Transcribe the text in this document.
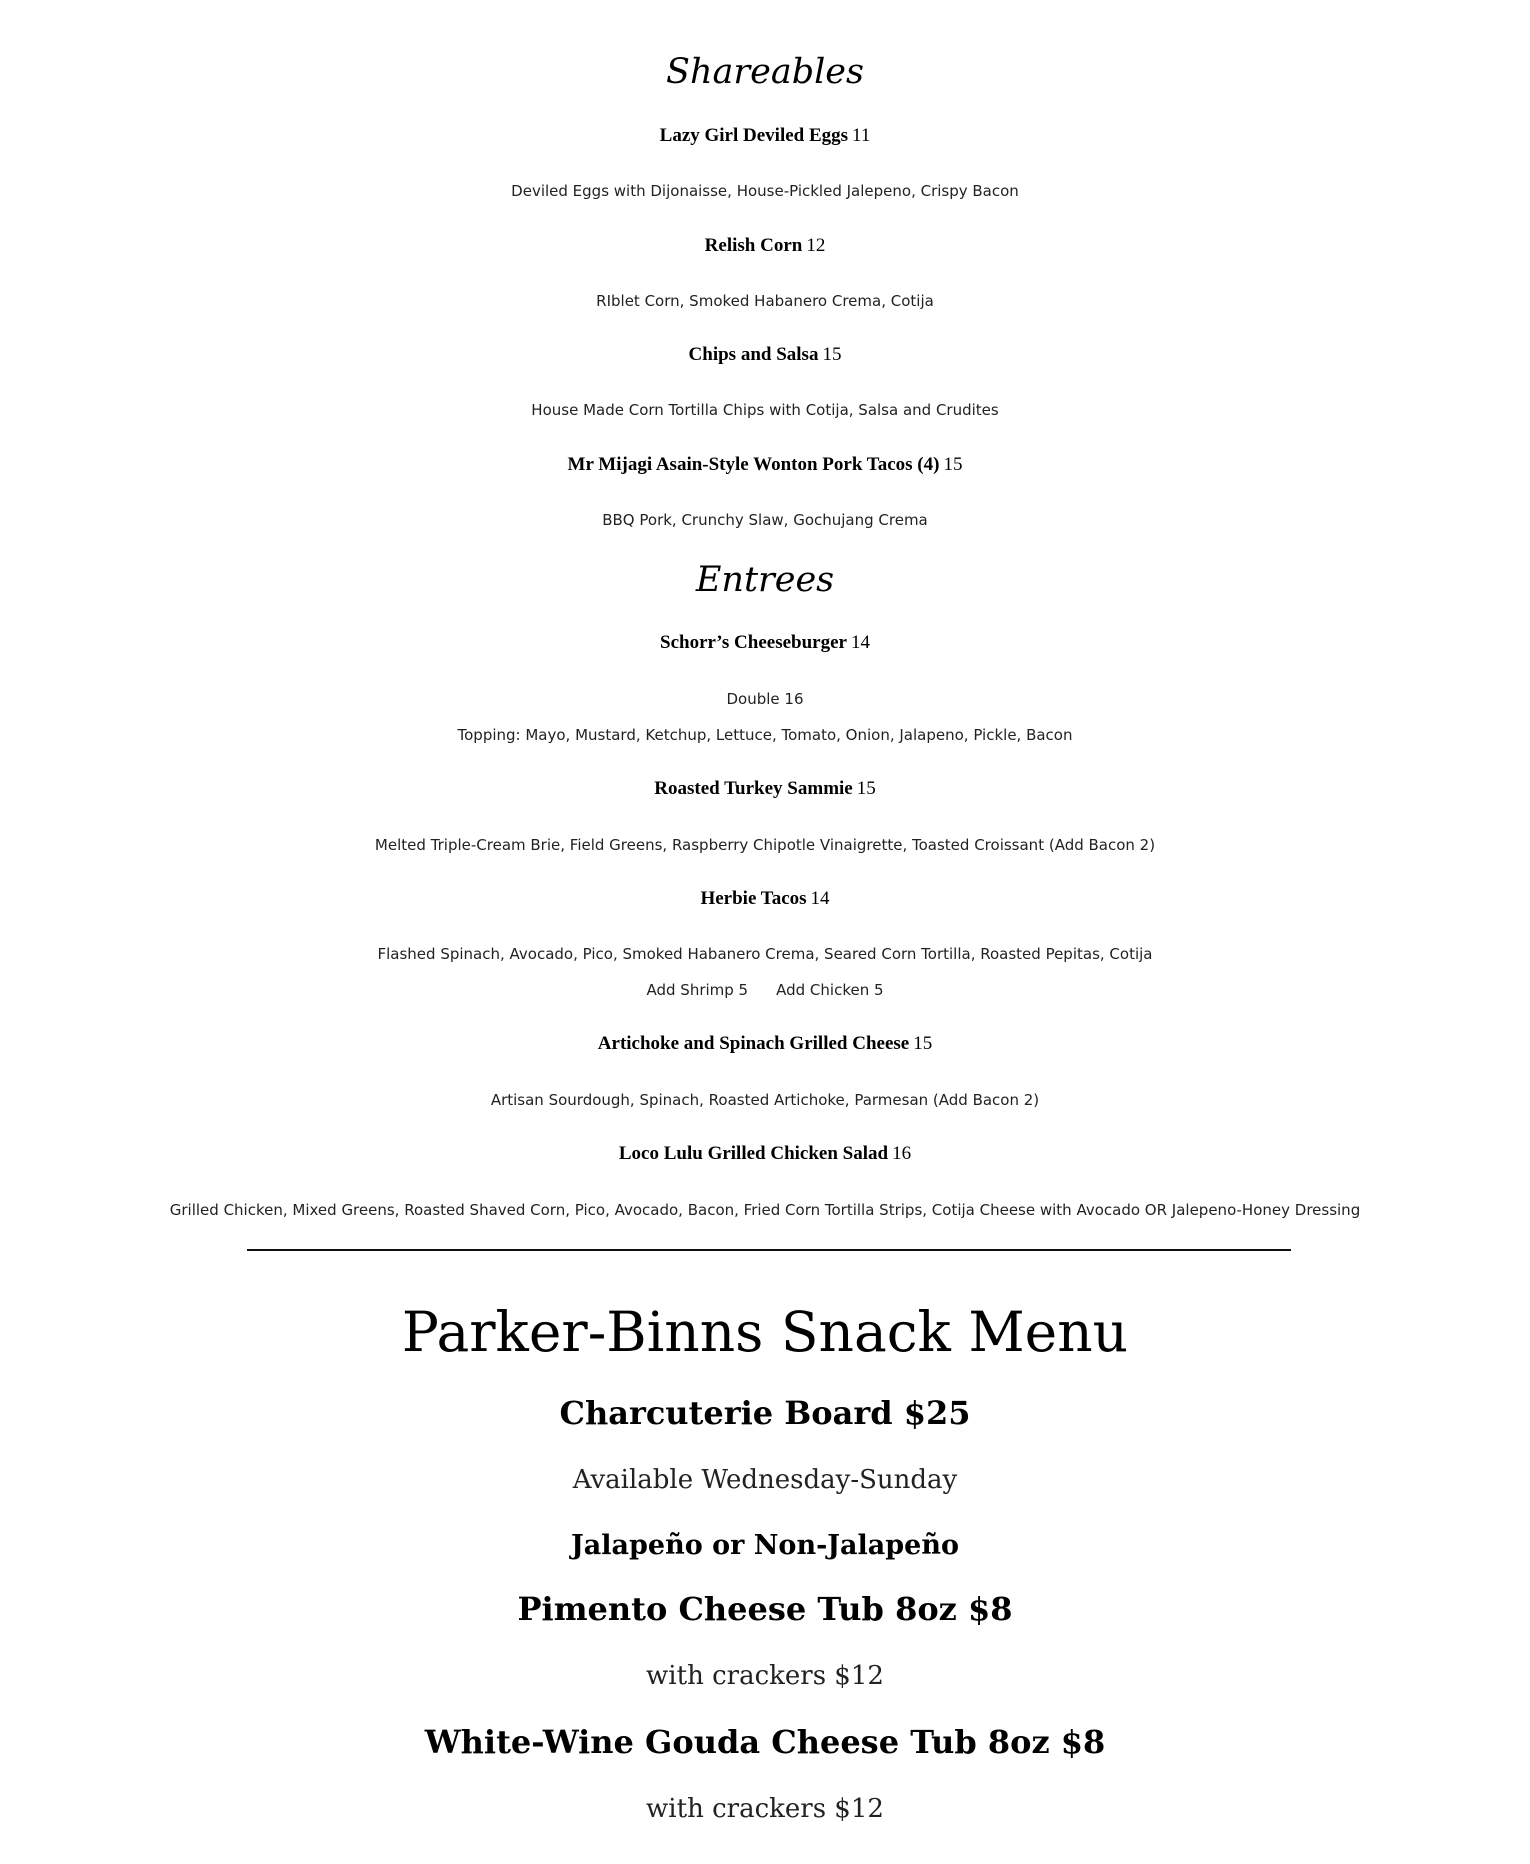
Shareables
Lazy Girl Deviled Eggs 11
Deviled Eggs with Dijonaisse, House-Pickled Jalepeno, Crispy Bacon
Relish Corn 12
RIblet Corn, Smoked Habanero Crema, Cotija
Chips and Salsa 15
House Made Corn Tortilla Chips with Cotija, Salsa and Crudites
Mr Mijagi Asain-Style Wonton Pork Tacos (4) 15
BBQ Pork, Crunchy Slaw, Gochujang Crema
Entrees
Schorr’s Cheeseburger 14
Double 16
Topping: Mayo, Mustard, Ketchup, Lettuce, Tomato, Onion, Jalapeno, Pickle, Bacon
Roasted Turkey Sammie 15
Melted Triple-Cream Brie, Field Greens, Raspberry Chipotle Vinaigrette, Toasted Croissant (Add Bacon 2)
Herbie Tacos 14
Flashed Spinach, Avocado, Pico, Smoked Habanero Crema, Seared Corn Tortilla, Roasted Pepitas, Cotija
Add Shrimp 5 Add Chicken 5
Artichoke and Spinach Grilled Cheese 15
Artisan Sourdough, Spinach, Roasted Artichoke, Parmesan (Add Bacon 2)
Loco Lulu Grilled Chicken Salad 16
Grilled Chicken, Mixed Greens, Roasted Shaved Corn, Pico, Avocado, Bacon, Fried Corn Tortilla Strips, Cotija Cheese with Avocado OR Jalepeno-Honey Dressing
Parker-Binns Snack Menu
Charcuterie Board $25
Available Wednesday-Sunday
Jalapeño or Non-Jalapeño
Pimento Cheese Tub 8oz $8
with crackers $12
White-Wine Gouda Cheese Tub 8oz $8
with crackers $12
